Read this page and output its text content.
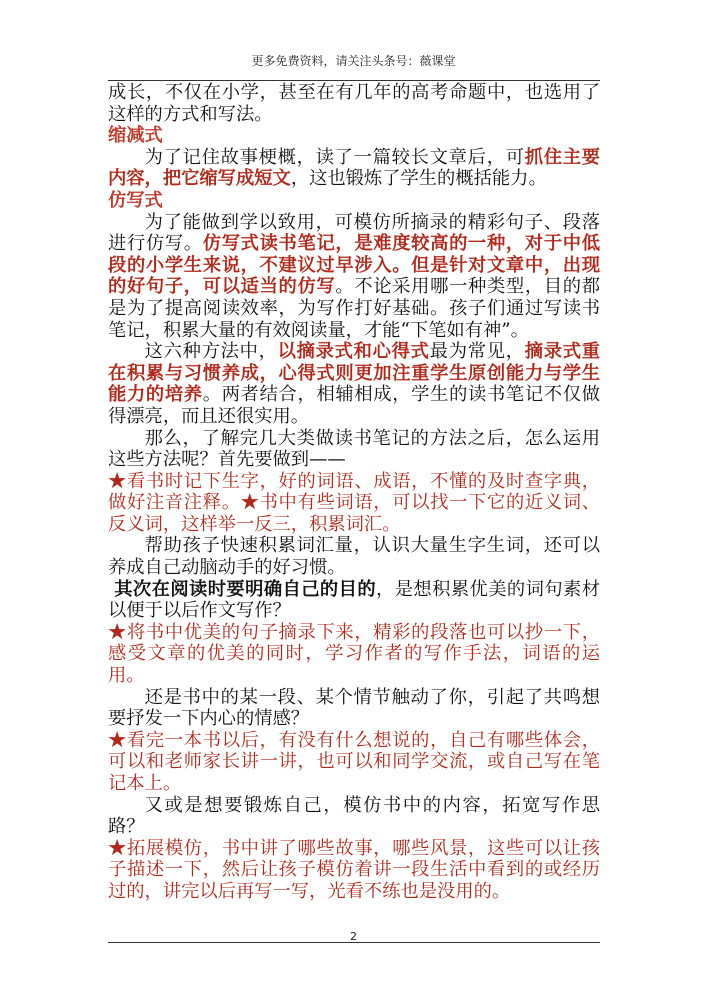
更多免费资料，请关注头条号：薇课堂

成长，不仅在小学，甚至在有几年的高考命题中，也选用了这样的方式和写法。

缩减式

为了记住故事梗概，读了一篇较长文章后，可抓住主要内容，把它缩写成短文，这也锻炼了学生的概括能力。

仿写式

为了能做到学以致用，可模仿所摘录的精彩句子、段落进行仿写。仿写式读书笔记，是难度较高的一种，对于中低段的小学生来说，不建议过早涉入。但是针对文章中，出现的好句子，可以适当的仿写。不论采用哪一种类型，目的都是为了提高阅读效率，为写作打好基础。孩子们通过写读书笔记，积累大量的有效阅读量，才能“下笔如有神”。

这六种方法中，以摘录式和心得式最为常见，摘录式重在积累与习惯养成，心得式则更加注重学生原创能力与学生能力的培养。两者结合，相辅相成，学生的读书笔记不仅做得漂亮，而且还很实用。

那么，了解完几大类做读书笔记的方法之后，怎么运用这些方法呢？首先要做到——

★看书时记下生字，好的词语、成语，不懂的及时查字典，做好注音注释。★书中有些词语，可以找一下它的近义词、反义词，这样举一反三，积累词汇。

帮助孩子快速积累词汇量，认识大量生字生词，还可以养成自己动脑动手的好习惯。

其次在阅读时要明确自己的目的，是想积累优美的词句素材以便于以后作文写作？

★将书中优美的句子摘录下来，精彩的段落也可以抄一下，感受文章的优美的同时，学习作者的写作手法，词语的运用。

还是书中的某一段、某个情节触动了你，引起了共鸣想要抒发一下内心的情感？

★看完一本书以后，有没有什么想说的，自己有哪些体会，可以和老师家长讲一讲，也可以和同学交流，或自己写在笔记本上。

又或是想要锻炼自己，模仿书中的内容，拓宽写作思路？

★拓展模仿，书中讲了哪些故事，哪些风景，这些可以让孩子描述一下，然后让孩子模仿着讲一段生活中看到的或经历过的，讲完以后再写一写，光看不练也是没用的。

2
